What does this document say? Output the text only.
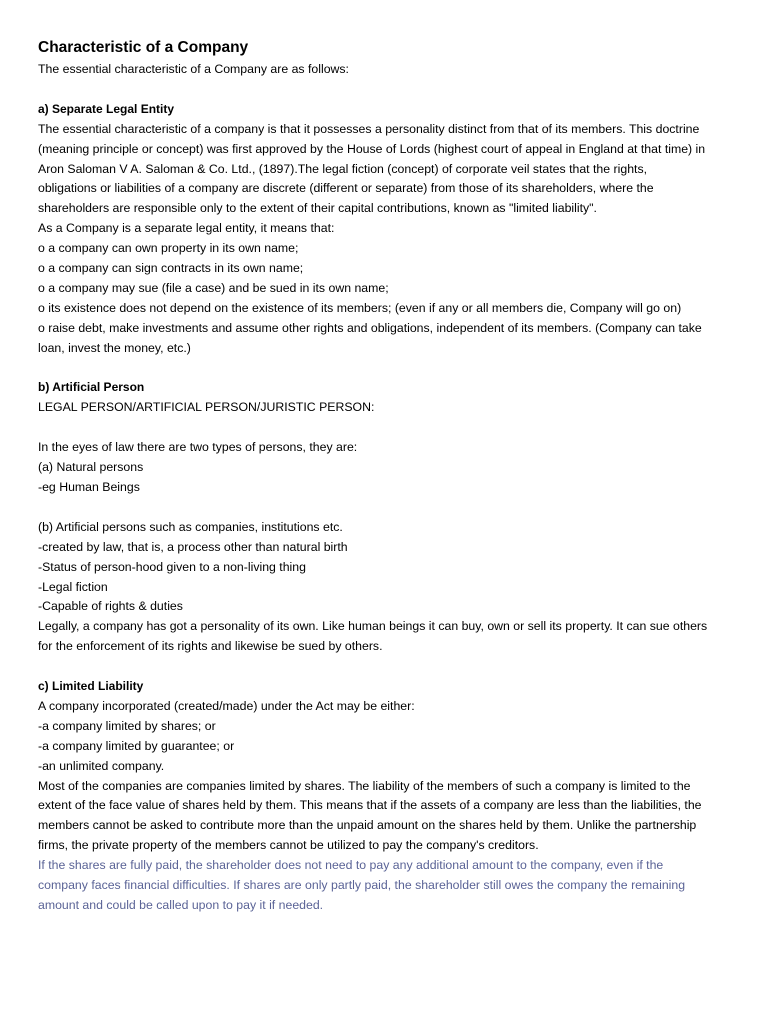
Characteristic of a Company

The essential characteristic of a Company are as follows:

a) Separate Legal Entity

The essential characteristic of a company is that it possesses a personality distinct from that of its members. This doctrine

(meaning principle or concept) was first approved by the House of Lords (highest court of appeal in England at that time) in

Aron Saloman V A. Saloman & Co. Ltd., (1897).The legal fiction (concept) of corporate veil states that the rights,

obligations or liabilities of a company are discrete (different or separate) from those of its shareholders, where the

shareholders are responsible only to the extent of their capital contributions, known as "limited liability".

As a Company is a separate legal entity, it means that:

o a company can own property in its own name;

o a company can sign contracts in its own name;

o a company may sue (file a case) and be sued in its own name;

o its existence does not depend on the existence of its members; (even if any or all members die, Company will go on)

o raise debt, make investments and assume other rights and obligations, independent of its members. (Company can take

loan, invest the money, etc.)

b) Artificial Person

LEGAL PERSON/ARTIFICIAL PERSON/JURISTIC PERSON:

In the eyes of law there are two types of persons, they are:

(a) Natural persons

-eg Human Beings

(b) Artificial persons such as companies, institutions etc.

-created by law, that is, a process other than natural birth

-Status of person-hood given to a non-living thing

-Legal fiction

-Capable of rights & duties

Legally, a company has got a personality of its own. Like human beings it can buy, own or sell its property. It can sue others

for the enforcement of its rights and likewise be sued by others.

c) Limited Liability

A company incorporated (created/made) under the Act may be either:

-a company limited by shares; or

-a company limited by guarantee; or

-an unlimited company.

Most of the companies are companies limited by shares. The liability of the members of such a company is limited to the

extent of the face value of shares held by them. This means that if the assets of a company are less than the liabilities, the

members cannot be asked to contribute more than the unpaid amount on the shares held by them. Unlike the partnership

firms, the private property of the members cannot be utilized to pay the company's creditors.

If the shares are fully paid, the shareholder does not need to pay any additional amount to the company, even if the

company faces financial difficulties. If shares are only partly paid, the shareholder still owes the company the remaining

amount and could be called upon to pay it if needed.
